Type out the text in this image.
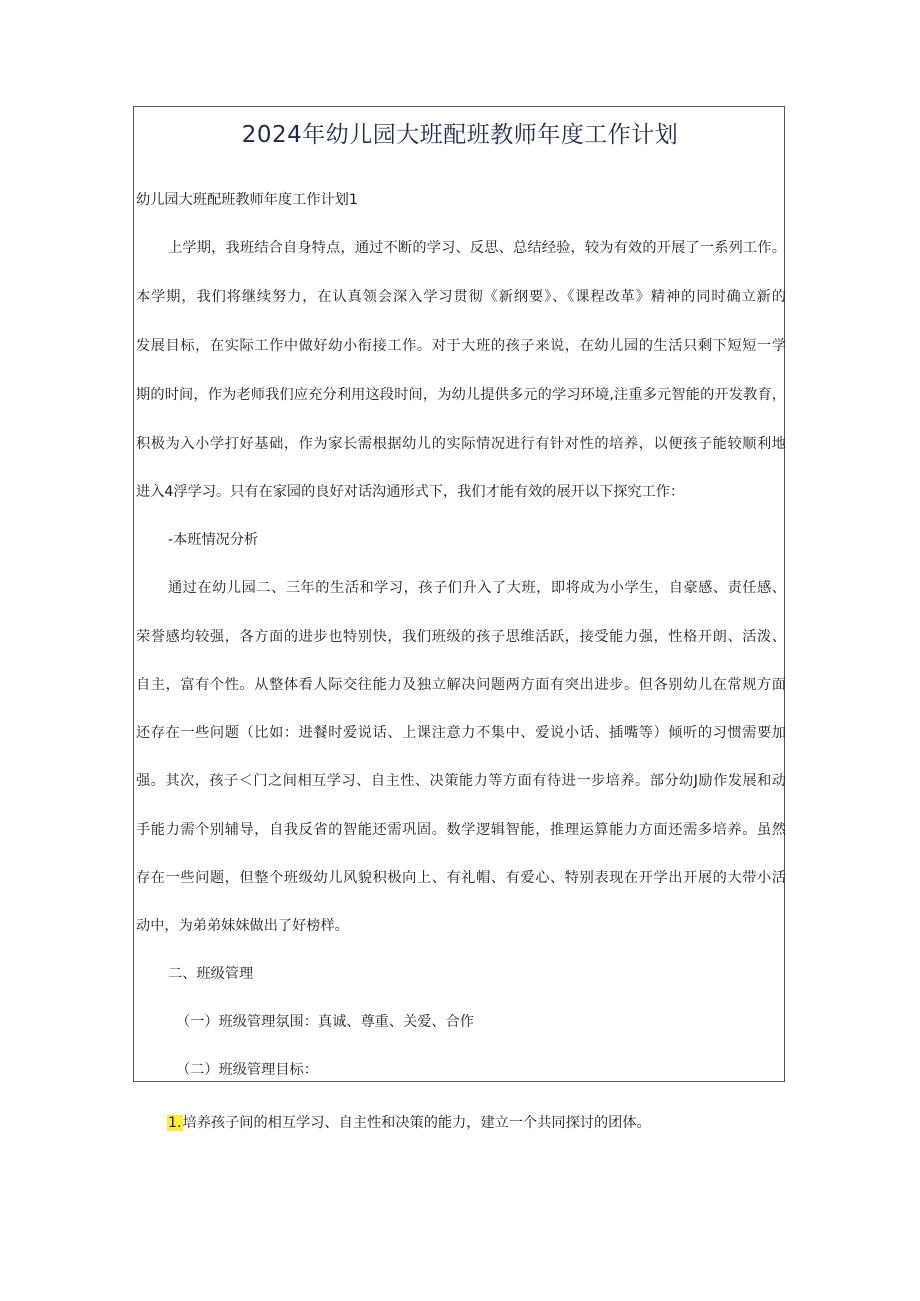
2024年幼儿园大班配班教师年度工作计划

幼儿园大班配班教师年度工作计划1

上学期，我班结合自身特点，通过不断的学习、反思、总结经验，较为有效的开展了一系列工作。

本学期，我们将继续努力，在认真领会深入学习贯彻《新纲要》、《课程改革》精神的同时确立新的

发展目标，在实际工作中做好幼小衔接工作。对于大班的孩子来说，在幼儿园的生活只剩下短短一学

期的时间，作为老师我们应充分利用这段时间，为幼儿提供多元的学习环境,注重多元智能的开发教育，

积极为入小学打好基础，作为家长需根据幼儿的实际情况进行有针对性的培养，以便孩子能较顺利地

进入4浮学习。只有在家园的良好对话沟通形式下，我们才能有效的展开以下探究工作：

-本班情况分析

通过在幼儿园二、三年的生活和学习，孩子们升入了大班，即将成为小学生，自豪感、责任感、

荣誉感均较强，各方面的进步也特别快，我们班级的孩子思维活跃，接受能力强，性格开朗、活泼、

自主，富有个性。从整体看人际交往能力及独立解决问题两方面有突出进步。但各别幼儿在常规方面

还存在一些问题（比如：进餐时爱说话、上课注意力不集中、爱说小话、插嘴等）倾听的习惯需要加

强。其次，孩子＜门之间相互学习、自主性、决策能力等方面有待进一步培养。部分幼J励作发展和动

手能力需个别辅导，自我反省的智能还需巩固。数学逻辑智能，推理运算能力方面还需多培养。虽然

存在一些问题，但整个班级幼儿风貌积极向上、有礼帽、有爱心、特别表现在开学出开展的大带小活

动中，为弟弟妹妹做出了好榜样。

二、班级管理

（一）班级管理氛围：真诚、尊重、关爱、合作

（二）班级管理目标：

1.培养孩子间的相互学习、自主性和决策的能力，建立一个共同探讨的团体。
